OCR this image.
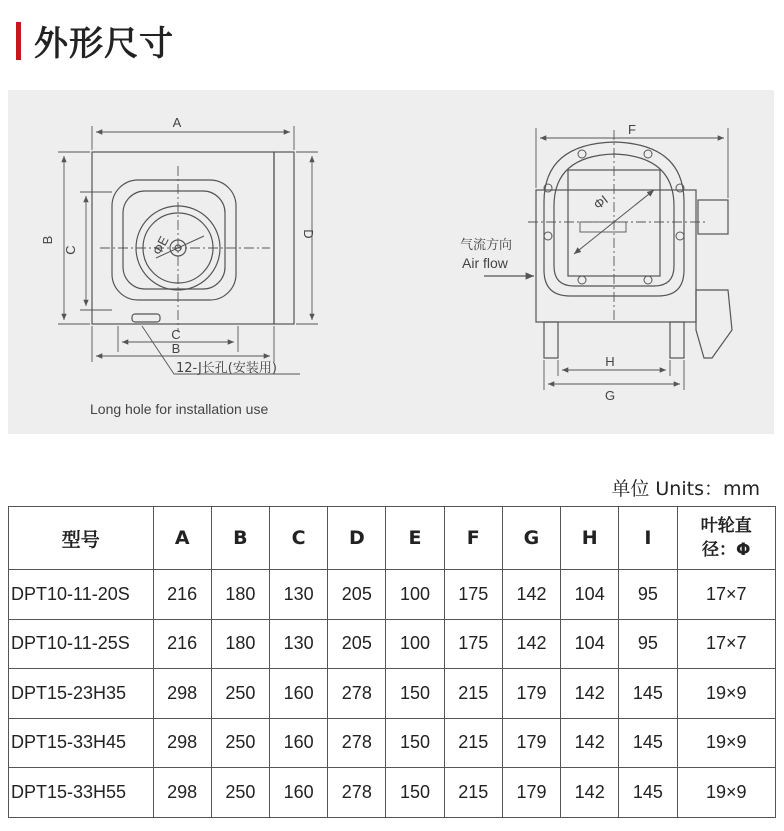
外形尺寸
A
B
C
D
C
B
ΦE
12-J长孔(安装用)
Long hole for installation use
F
ΦI
H
G
气流方向
Air flow
单位 Units：mm
型号	A	B	C	D	E	F	G	H	I	叶轮直径：Φ
DPT10-11-20S	216	180	130	205	100	175	142	104	95	17×7
DPT10-11-25S	216	180	130	205	100	175	142	104	95	17×7
DPT15-23H35	298	250	160	278	150	215	179	142	145	19×9
DPT15-33H45	298	250	160	278	150	215	179	142	145	19×9
DPT15-33H55	298	250	160	278	150	215	179	142	145	19×9
